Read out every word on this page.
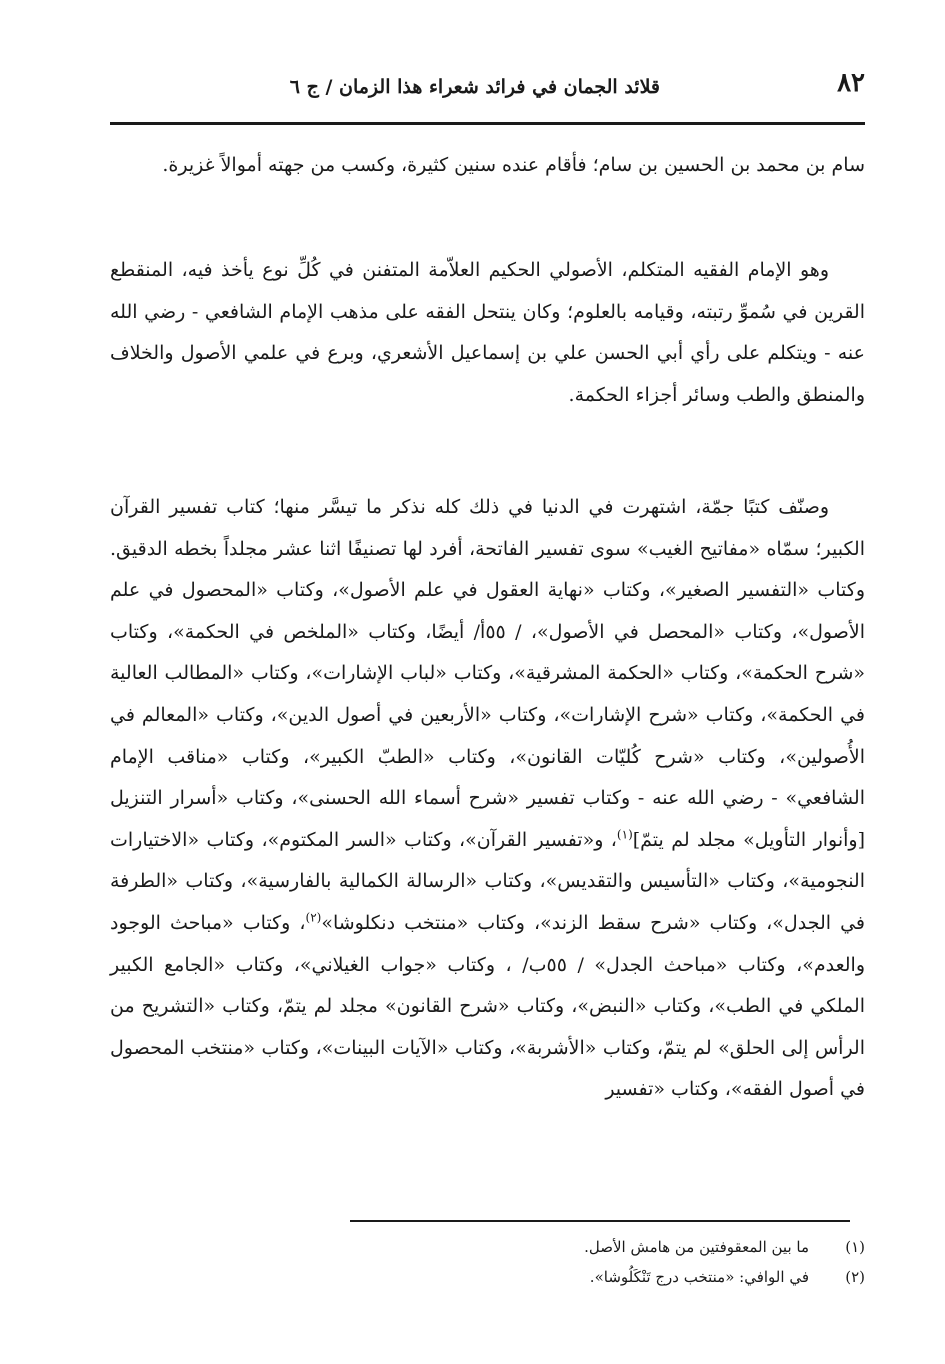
٨٢
قلائد الجمان في فرائد شعراء هذا الزمان / ج ٦

سام بن محمد بن الحسين بن سام؛ فأقام عنده سنين كثيرة، وكسب من جهته أموالاً غزيرة.

وهو الإمام الفقيه المتكلم، الأصولي الحكيم العلاّمة المتفنن في كُلِّ نوع يأخذ فيه، المنقطع القرين في سُموِّ رتبته، وقيامه بالعلوم؛ وكان ينتحل الفقه على مذهب الإمام الشافعي - رضي الله عنه - ويتكلم على رأي أبي الحسن علي بن إسماعيل الأشعري، وبرع في علمي الأصول والخلاف والمنطق والطب وسائر أجزاء الحكمة.

وصنّف كتبًا جمّة، اشتهرت في الدنيا في ذلك كله نذكر ما تيسَّر منها؛ كتاب تفسير القرآن الكبير؛ سمّاه «مفاتيح الغيب» سوى تفسير الفاتحة، أفرد لها تصنيفًا اثنا عشر مجلداً بخطه الدقيق. وكتاب «التفسير الصغير»، وكتاب «نهاية العقول في علم الأصول»، وكتاب «المحصول في علم الأصول»، وكتاب «المحصل في الأصول»، / ٥٥أ/ أيضًا، وكتاب «الملخص في الحكمة»، وكتاب «شرح الحكمة»، وكتاب «الحكمة المشرقية»، وكتاب «لباب الإشارات»، وكتاب «المطالب العالية في الحكمة»، وكتاب «شرح الإشارات»، وكتاب «الأربعين في أصول الدين»، وكتاب «المعالم في الأُصولين»، وكتاب «شرح كُليّات القانون»، وكتاب «الطبّ الكبير»، وكتاب «مناقب الإمام الشافعي» - رضي الله عنه - وكتاب تفسير «شرح أسماء الله الحسنى»، وكتاب «أسرار التنزيل [وأنوار التأويل» مجلد لم يتمّ]$^{(١)}$، و«تفسير القرآن»، وكتاب «السر المكتوم»، وكتاب «الاختيارات النجومية»، وكتاب «التأسيس والتقديس»، وكتاب «الرسالة الكمالية بالفارسية»، وكتاب «الطرفة في الجدل»، وكتاب «شرح سقط الزند»، وكتاب «منتخب دنكلوشا»$^{(٢)}$، وكتاب «مباحث الوجود والعدم»، وكتاب «مباحث الجدل» / ٥٥ب/ ، وكتاب «جواب الغيلاني»، وكتاب «الجامع الكبير الملكي في الطب»، وكتاب «النبض»، وكتاب «شرح القانون» مجلد لم يتمّ، وكتاب «التشريح من الرأس إلى الحلق» لم يتمّ، وكتاب «الأشربة»، وكتاب «الآيات البينات»، وكتاب «منتخب المحصول في أصول الفقه»، وكتاب «تفسير

(١)
ما بين المعقوفتين من هامش الأصل.
(٢)
في الوافي: «منتخب درج تَنْكَلُوشا».
